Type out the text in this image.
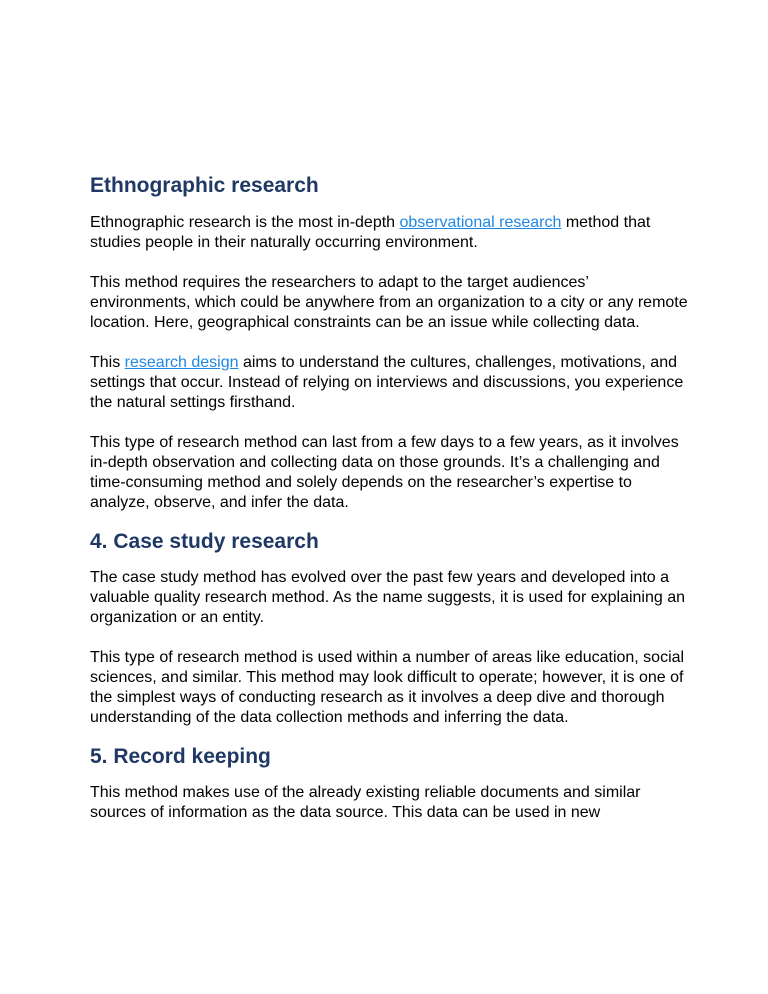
Ethnographic research

Ethnographic research is the most in-depth observational research method that studies people in their naturally occurring environment.

This method requires the researchers to adapt to the target audiences’ environments, which could be anywhere from an organization to a city or any remote location. Here, geographical constraints can be an issue while collecting data.

This research design aims to understand the cultures, challenges, motivations, and settings that occur. Instead of relying on interviews and discussions, you experience the natural settings firsthand.

This type of research method can last from a few days to a few years, as it involves in-depth observation and collecting data on those grounds. It’s a challenging and time-consuming method and solely depends on the researcher’s expertise to analyze, observe, and infer the data.

4. Case study research

The case study method has evolved over the past few years and developed into a valuable quality research method. As the name suggests, it is used for explaining an organization or an entity.

This type of research method is used within a number of areas like education, social sciences, and similar. This method may look difficult to operate; however, it is one of the simplest ways of conducting research as it involves a deep dive and thorough understanding of the data collection methods and inferring the data.

5. Record keeping

This method makes use of the already existing reliable documents and similar sources of information as the data source. This data can be used in new
